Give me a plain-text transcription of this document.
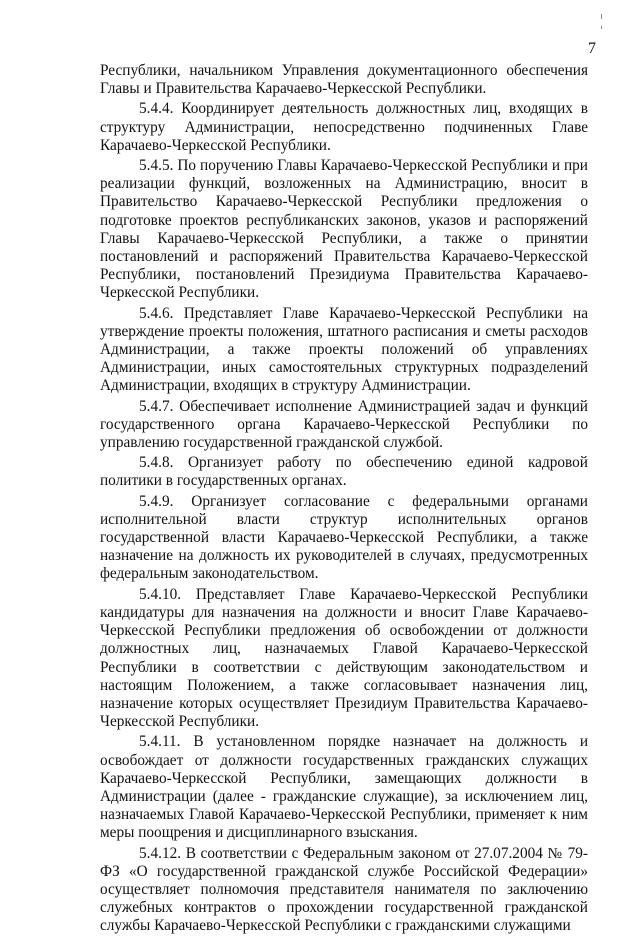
7

Республики, начальником Управления документационного обеспечения Главы и Правительства Карачаево-Черкесской Республики.

5.4.4. Координирует деятельность должностных лиц, входящих в структуру Администрации, непосредственно подчиненных Главе Карачаево-Черкесской Республики.

5.4.5. По поручению Главы Карачаево-Черкесской Республики и при реализации функций, возложенных на Администрацию, вносит в Правительство Карачаево-Черкесской Республики предложения о подготовке проектов республиканских законов, указов и распоряжений Главы Карачаево-Черкесской Республики, а также о принятии постановлений и распоряжений Правительства Карачаево-Черкесской Республики, постановлений Президиума Правительства Карачаево-Черкесской Республики.

5.4.6. Представляет Главе Карачаево-Черкесской Республики на утверждение проекты положения, штатного расписания и сметы расходов Администрации, а также проекты положений об управлениях Администрации, иных самостоятельных структурных подразделений Администрации, входящих в структуру Администрации.

5.4.7. Обеспечивает исполнение Администрацией задач и функций государственного органа Карачаево-Черкесской Республики по управлению государственной гражданской службой.

5.4.8. Организует работу по обеспечению единой кадровой политики в государственных органах.

5.4.9. Организует согласование с федеральными органами исполнительной власти структур исполнительных органов государственной власти Карачаево-Черкесской Республики, а также назначение на должность их руководителей в случаях, предусмотренных федеральным законодательством.

5.4.10. Представляет Главе Карачаево-Черкесской Республики кандидатуры для назначения на должности и вносит Главе Карачаево-Черкесской Республики предложения об освобождении от должности должностных лиц, назначаемых Главой Карачаево-Черкесской Республики в соответствии с действующим законодательством и настоящим Положением, а также согласовывает назначения лиц, назначение которых осуществляет Президиум Правительства Карачаево-Черкесской Республики.

5.4.11. В установленном порядке назначает на должность и освобождает от должности государственных гражданских служащих Карачаево-Черкесской Республики, замещающих должности в Администрации (далее - гражданские служащие), за исключением лиц, назначаемых Главой Карачаево-Черкесской Республики, применяет к ним меры поощрения и дисциплинарного взыскания.

5.4.12. В соответствии с Федеральным законом от 27.07.2004 № 79-ФЗ «О государственной гражданской службе Российской Федерации» осуществляет полномочия представителя нанимателя по заключению служебных контрактов о прохождении государственной гражданской службы Карачаево-Черкесской Республики с гражданскими служащими
